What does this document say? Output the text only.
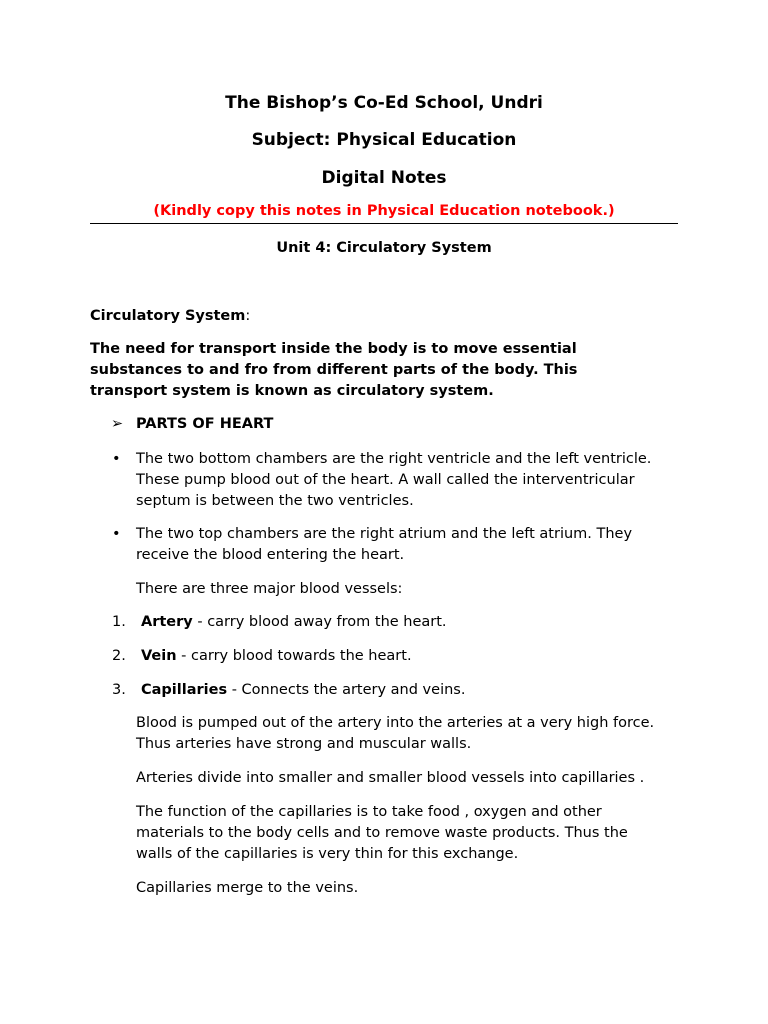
The Bishop’s Co-Ed School, Undri
Subject: Physical Education
Digital Notes
(Kindly copy this notes in Physical Education notebook.)
Unit 4: Circulatory System
Circulatory System:
The need for transport inside the body is to move essential
substances to and fro from different parts of the body. This
transport system is known as circulatory system.
➢ PARTS OF HEART
• The two bottom chambers are the right ventricle and the left ventricle.
These pump blood out of the heart. A wall called the interventricular
septum is between the two ventricles.
• The two top chambers are the right atrium and the left atrium. They
receive the blood entering the heart.
There are three major blood vessels:
1. Artery - carry blood away from the heart.
2. Vein - carry blood towards the heart.
3. Capillaries - Connects the artery and veins.
Blood is pumped out of the artery into the arteries at a very high force.
Thus arteries have strong and muscular walls.
Arteries divide into smaller and smaller blood vessels into capillaries .
The function of the capillaries is to take food , oxygen and other
materials to the body cells and to remove waste products. Thus the
walls of the capillaries is very thin for this exchange.
Capillaries merge to the veins.
